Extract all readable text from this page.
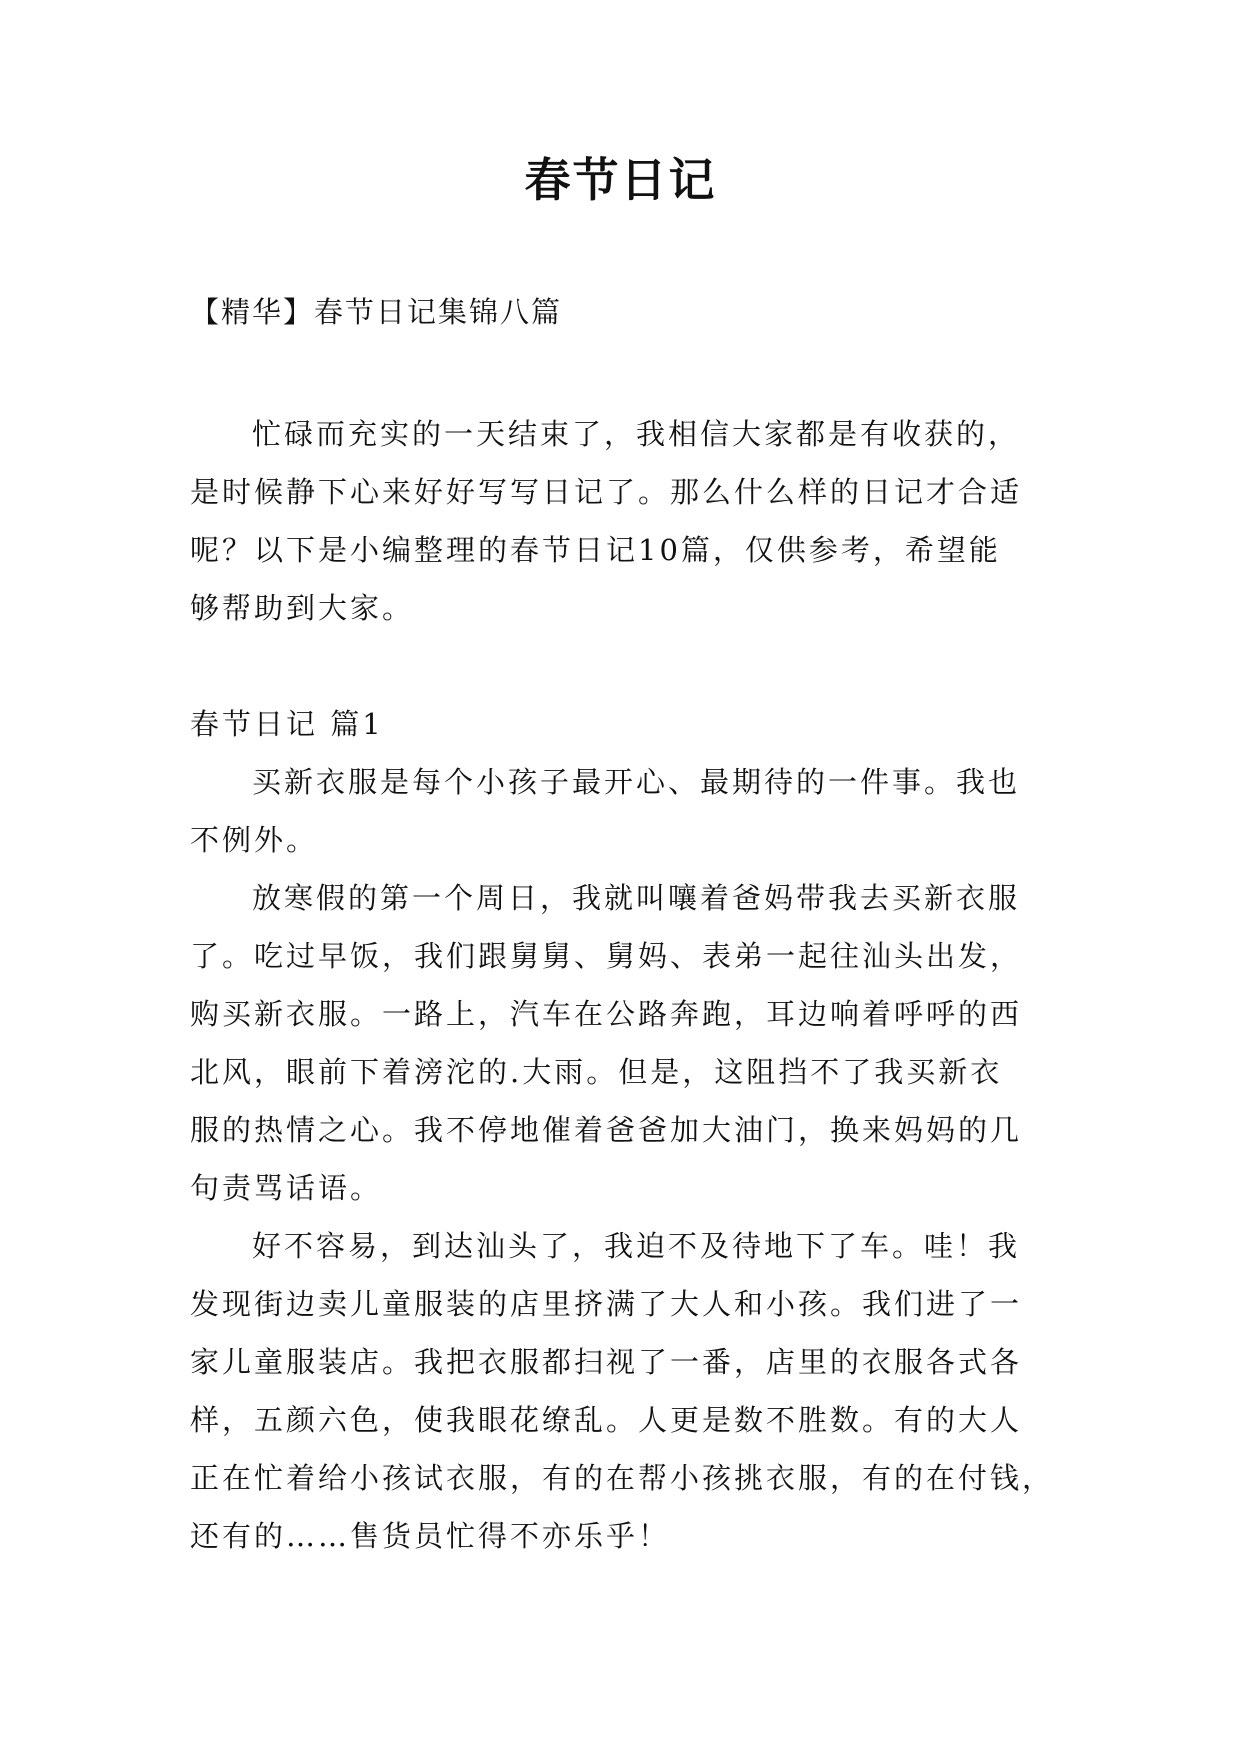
春节日记
【精华】春节日记集锦八篇
忙碌而充实的一天结束了，我相信大家都是有收获的，
是时候静下心来好好写写日记了。那么什么样的日记才合适
呢？以下是小编整理的春节日记10篇，仅供参考，希望能
够帮助到大家。
春节日记 篇1
买新衣服是每个小孩子最开心、最期待的一件事。我也
不例外。
放寒假的第一个周日，我就叫嚷着爸妈带我去买新衣服
了。吃过早饭，我们跟舅舅、舅妈、表弟一起往汕头出发，
购买新衣服。一路上，汽车在公路奔跑，耳边响着呼呼的西
北风，眼前下着滂沱的.大雨。但是，这阻挡不了我买新衣
服的热情之心。我不停地催着爸爸加大油门，换来妈妈的几
句责骂话语。
好不容易，到达汕头了，我迫不及待地下了车。哇！我
发现街边卖儿童服装的店里挤满了大人和小孩。我们进了一
家儿童服装店。我把衣服都扫视了一番，店里的衣服各式各
样，五颜六色，使我眼花缭乱。人更是数不胜数。有的大人
正在忙着给小孩试衣服，有的在帮小孩挑衣服，有的在付钱，
还有的……售货员忙得不亦乐乎！
